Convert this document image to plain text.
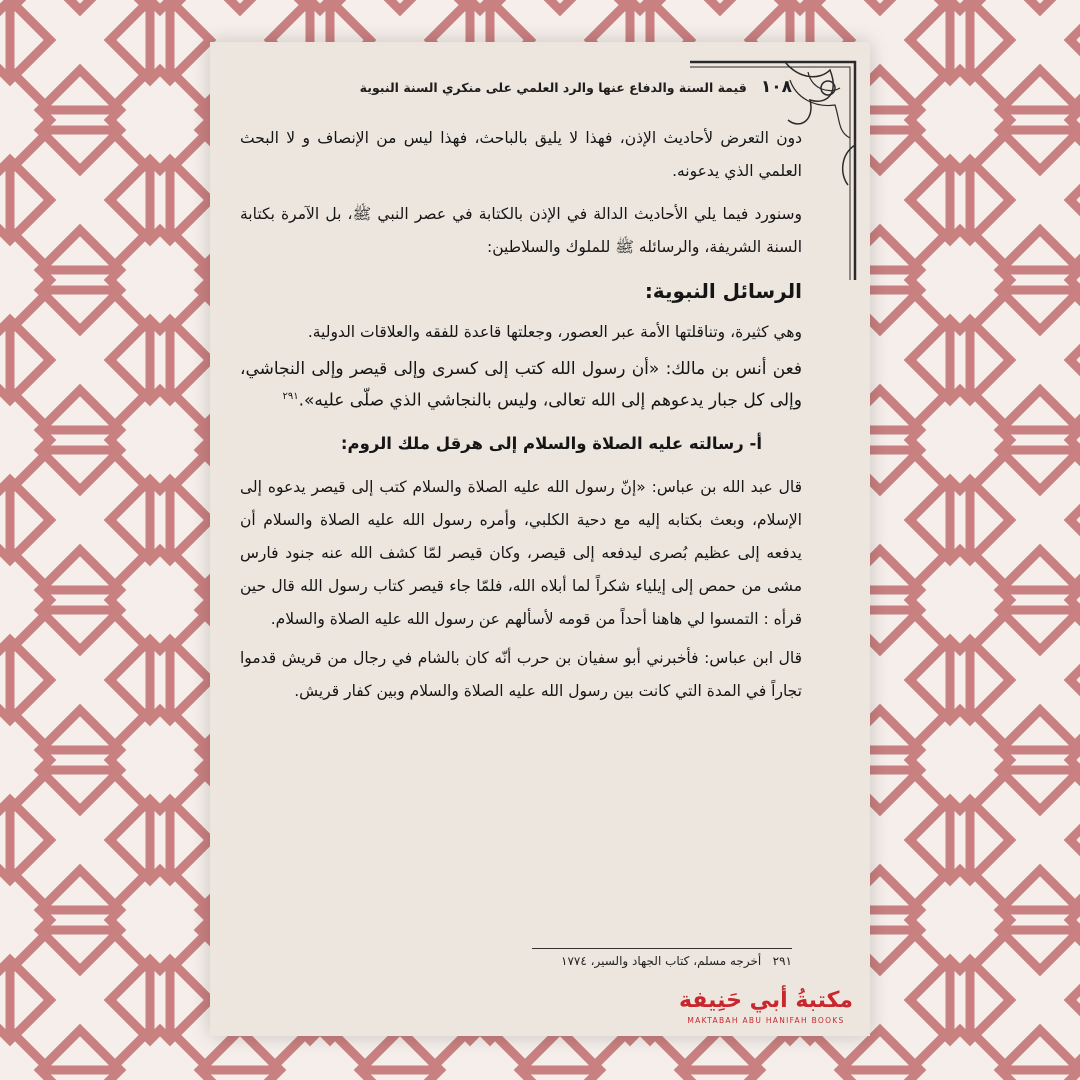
١٠٨
قيمة السنة والدفاع عنها والرد العلمي على منكري السنة النبوية

دون التعرض لأحاديث الإذن، فهذا لا يليق بالباحث، فهذا ليس من الإنصاف و لا البحث العلمي الذي يدعونه.

وسنورد فيما يلي الأحاديث الدالة في الإذن بالكتابة في عصر النبي ﷺ، بل الآمرة بكتابة السنة الشريفة، والرسائله ﷺ للملوك والسلاطين:

الرسائل النبوية:

وهي كثيرة، وتناقلتها الأمة عبر العصور، وجعلتها قاعدة للفقه والعلاقات الدولية.

فعن أنس بن مالك: «أن رسول الله كتب إلى كسرى وإلى قيصر وإلى النجاشي، وإلى كل جبار يدعوهم إلى الله تعالى، وليس بالنجاشي الذي صلّى عليه».$^{٢٩١}$

أ- رسالته عليه الصلاة والسلام إلى هرقل ملك الروم:

قال عبد الله بن عباس: «إنّ رسول الله عليه الصلاة والسلام كتب إلى قيصر يدعوه إلى الإسلام، وبعث بكتابه إليه مع دحية الكلبي، وأمره رسول الله عليه الصلاة والسلام أن يدفعه إلى عظيم بُصرى ليدفعه إلى قيصر، وكان قيصر لمّا كشف الله عنه جنود فارس مشى من حمص إلى إيلياء شكراً لما أبلاه الله، فلمّا جاء قيصر كتاب رسول الله قال حين قرأه : التمسوا لي هاهنا أحداً من قومه لأسألهم عن رسول الله عليه الصلاة والسلام.

قال ابن عباس: فأخبرني أبو سفيان بن حرب أنّه كان بالشام في رجال من قريش قدموا تجاراً في المدة التي كانت بين رسول الله عليه الصلاة والسلام وبين كفار قريش.

٢٩١   أخرجه مسلم، كتاب الجهاد والسير، ١٧٧٤
مكتبةُ أبي حَنِيفة
MAKTABAH ABU HANIFAH BOOKS
